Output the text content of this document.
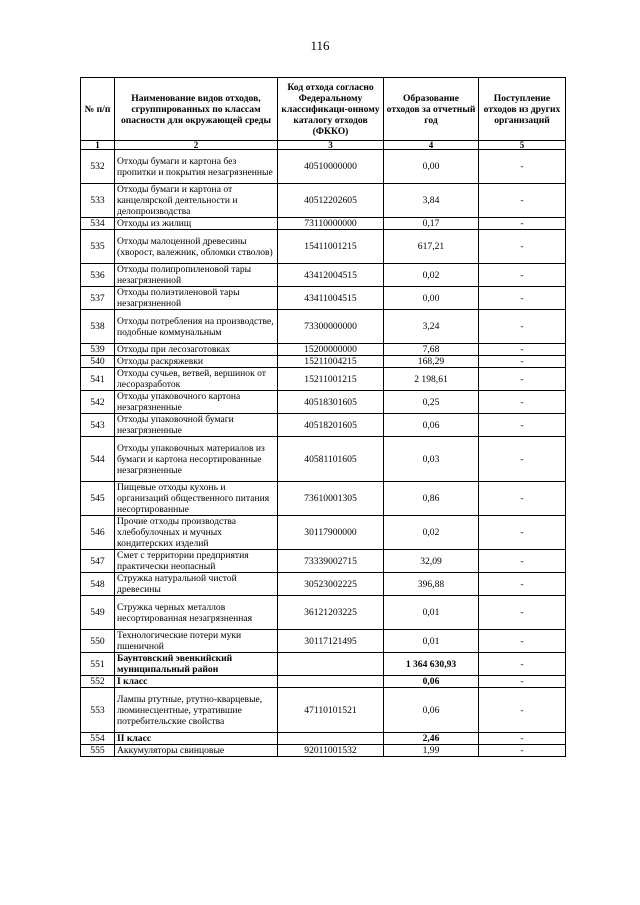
116
№ п/п	Наименование видов отходов, сгруппированных по классам опасности для окружающей среды	Код отхода согласно Федеральному классификаци-онному каталогу отходов (ФККО)	Образование отходов за отчетный год	Поступление отходов из других организаций
1	2	3	4	5
532	Отходы бумаги и картона без пропитки и покрытия незагрязненные	40510000000	0,00	-
533	Отходы бумаги и картона от канцелярской деятельности и делопроизводства	40512202605	3,84	-
534	Отходы из жилищ	73110000000	0,17	-
535	Отходы малоценной древесины (хворост, валежник, обломки стволов)	15411001215	617,21	-
536	Отходы полипропиленовой тары незагрязненной	43412004515	0,02	-
537	Отходы полиэтиленовой тары незагрязненной	43411004515	0,00	-
538	Отходы потребления на производстве, подобные коммунальным	73300000000	3,24	-
539	Отходы при лесозаготовках	15200000000	7,68	-
540	Отходы раскряжевки	15211004215	168,29	-
541	Отходы сучьев, ветвей, вершинок от лесоразработок	15211001215	2 198,61	-
542	Отходы упаковочного картона незагрязненные	40518301605	0,25	-
543	Отходы упаковочной бумаги незагрязненные	40518201605	0,06	-
544	Отходы упаковочных материалов из бумаги и картона несортированные незагрязненные	40581101605	0,03	-
545	Пищевые отходы кухонь и организаций общественного питания несортированные	73610001305	0,86	-
546	Прочие отходы производства хлебобулочных и мучных кондитерских изделий	30117900000	0,02	-
547	Смет с территории предприятия практически неопасный	73339002715	32,09	-
548	Стружка натуральной чистой древесины	30523002225	396,88	-
549	Стружка черных металлов несортированная незагрязненная	36121203225	0,01	-
550	Технологические потери муки пшеничной	30117121495	0,01	-
551	Баунтовский эвенкийский муниципальный район		1 364 630,93	-
552	I класс		0,06	-
553	Лампы ртутные, ртутно-кварцевые, люминесцентные, утратившие потребительские свойства	47110101521	0,06	-
554	II класс		2,46	-
555	Аккумуляторы свинцовые	92011001532	1,99	-
